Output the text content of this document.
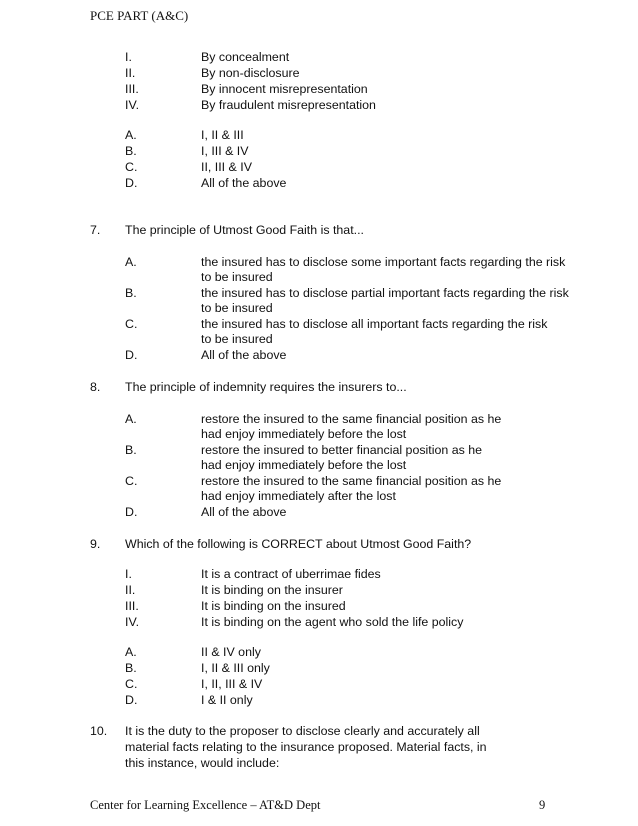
PCE PART (A&C)
I.	By concealment
II.	By non-disclosure
III.	By innocent misrepresentation
IV.	By fraudulent misrepresentation
A.	I, II & III
B.	I, III & IV
C.	II, III & IV
D.	All of the above
7. The principle of Utmost Good Faith is that...
A.	the insured has to disclose some important facts regarding the risk
to be insured
B.	the insured has to disclose partial important facts regarding the risk
to be insured
C.	the insured has to disclose all important facts regarding the risk
to be insured
D.	All of the above
8. The principle of indemnity requires the insurers to...
A.	restore the insured to the same financial position as he
had enjoy immediately before the lost
B.	restore the insured to better financial position as he
had enjoy immediately before the lost
C.	restore the insured to the same financial position as he
had enjoy immediately after the lost
D.	All of the above
9. Which of the following is CORRECT about Utmost Good Faith?
I.	It is a contract of uberrimae fides
II.	It is binding on the insurer
III.	It is binding on the insured
IV.	It is binding on the agent who sold the life policy
A.	II & IV only
B.	I, II & III only
C.	I, II, III & IV
D.	I & II only
10. It is the duty to the proposer to disclose clearly and accurately all
material facts relating to the insurance proposed. Material facts, in
this instance, would include:
Center for Learning Excellence – AT&D Dept	9
